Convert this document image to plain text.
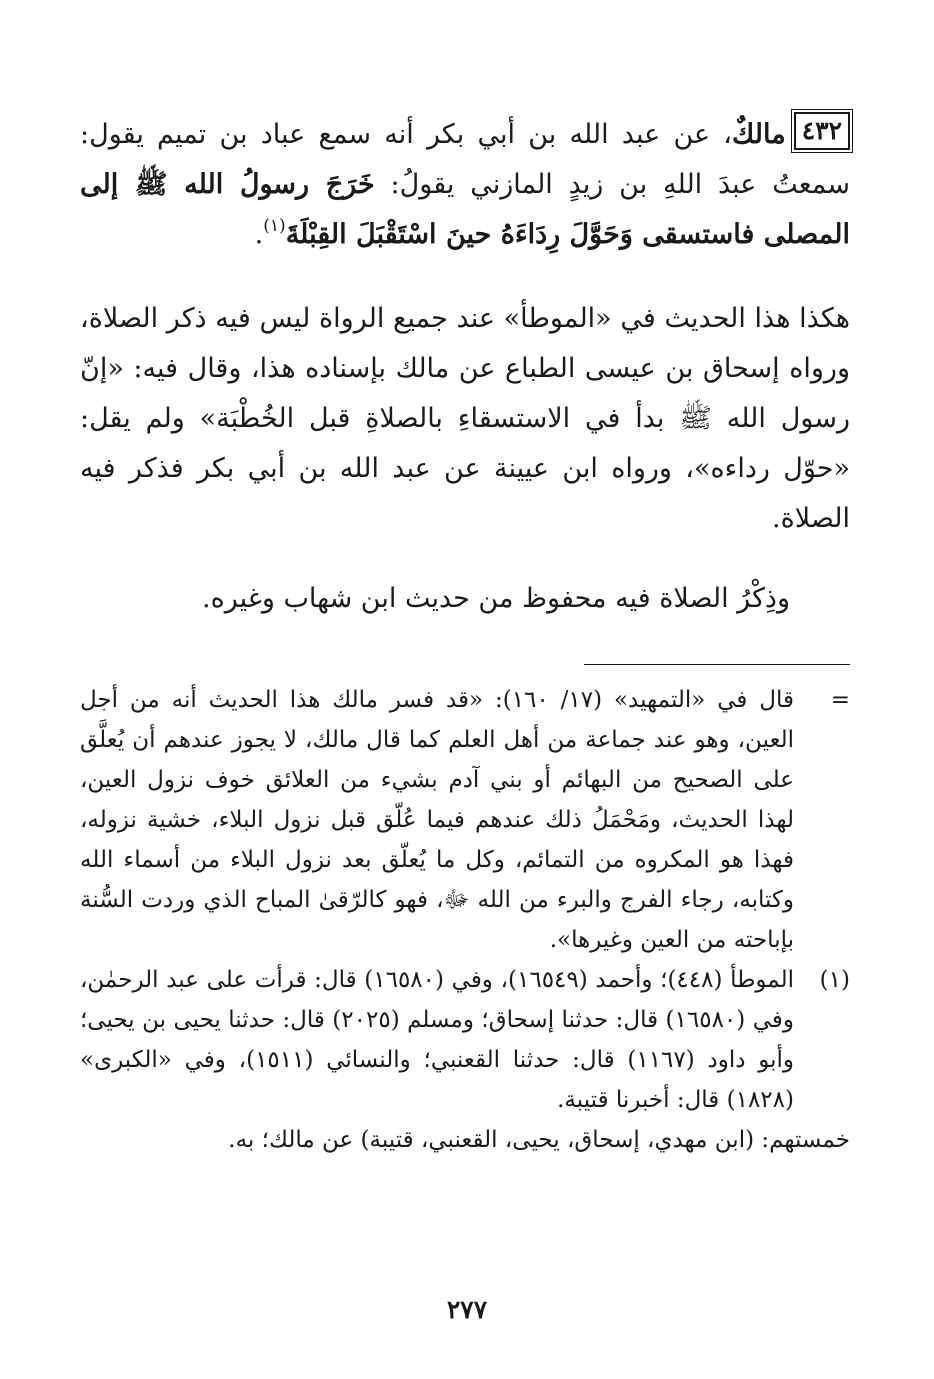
٤٣٢مالكٌ، عن عبد الله بن أبي بكر أنه سمع عباد بن تميم يقول: سمعتُ عبدَ اللهِ بن زيدٍ المازني يقولُ: خَرَجَ رسولُ الله ﷺ إلى المصلى فاستسقى وَحَوَّلَ رِدَاءَهُ حينَ اسْتَقْبَلَ القِبْلَةَ$^{(١)}$.

هكذا هذا الحديث في «الموطأ» عند جميع الرواة ليس فيه ذكر الصلاة، ورواه إسحاق بن عيسى الطباع عن مالك بإسناده هذا، وقال فيه: «إنّ رسول الله ﷺ بدأ في الاستسقاءِ بالصلاةِ قبل الخُطْبَة» ولم يقل: «حوّل رداءه»، ورواه ابن عيينة عن عبد الله بن أبي بكر فذكر فيه الصلاة.

وذِكْرُ الصلاة فيه محفوظ من حديث ابن شهاب وغيره.

=
قال في «التمهيد» (١٧/ ١٦٠): «قد فسر مالك هذا الحديث أنه من أجل العين، وهو عند جماعة من أهل العلم كما قال مالك، لا يجوز عندهم أن يُعلَّق على الصحيح من البهائم أو بني آدم بشيء من العلائق خوف نزول العين، لهذا الحديث، ومَحْمَلُ ذلك عندهم فيما عُلّق قبل نزول البلاء، خشية نزوله، فهذا هو المكروه من التمائم، وكل ما يُعلّق بعد نزول البلاء من أسماء الله وكتابه، رجاء الفرج والبرء من الله ﷻ، فهو كالرّقىٰ المباح الذي وردت السُّنة بإباحته من العين وغيرها».

(١)
الموطأ (٤٤٨)؛ وأحمد (١٦٥٤٩)، وفي (١٦٥٨٠) قال: قرأت على عبد الرحمٰن، وفي (١٦٥٨٠) قال: حدثنا إسحاق؛ ومسلم (٢٠٢٥) قال: حدثنا يحيى بن يحيى؛ وأبو داود (١١٦٧) قال: حدثنا القعنبي؛ والنسائي (١٥١١)، وفي «الكبرى» (١٨٢٨) قال: أخبرنا قتيبة.

خمستهم: (ابن مهدي، إسحاق، يحيى، القعنبي، قتيبة) عن مالك؛ به.

٢٧٧
